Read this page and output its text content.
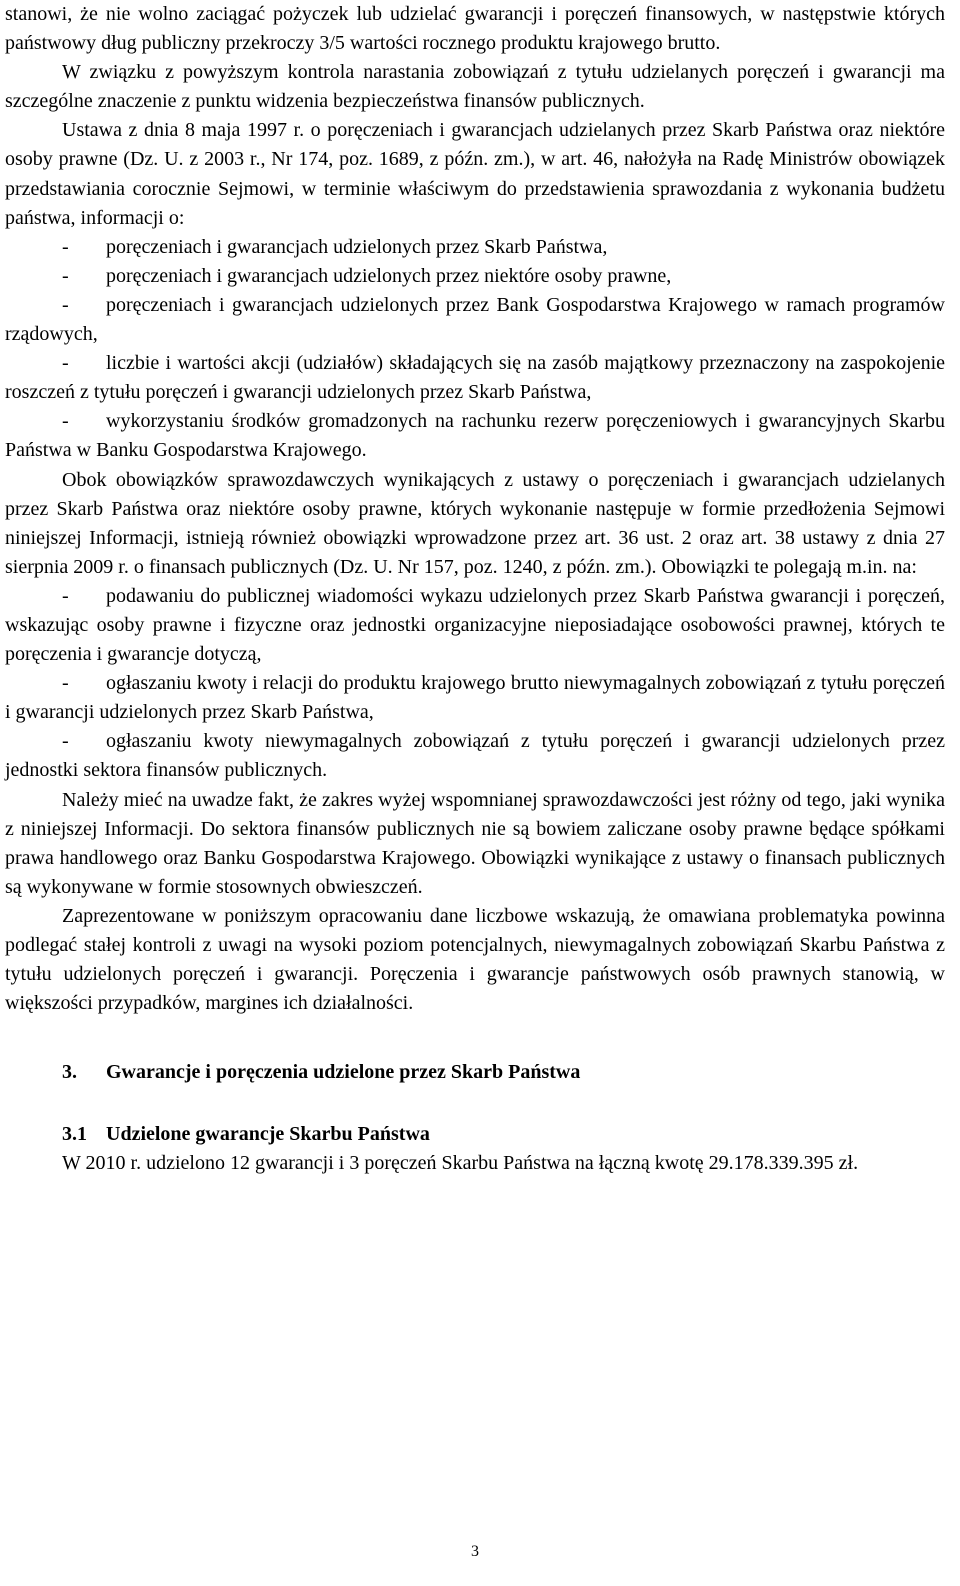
stanowi, że nie wolno zaciągać pożyczek lub udzielać gwarancji i poręczeń finansowych, w następstwie których państwowy dług publiczny przekroczy 3/5 wartości rocznego produktu krajowego brutto.

W związku z powyższym kontrola narastania zobowiązań z tytułu udzielanych poręczeń i gwarancji ma szczególne znaczenie z punktu widzenia bezpieczeństwa finansów publicznych.

Ustawa z dnia 8 maja 1997 r. o poręczeniach i gwarancjach udzielanych przez Skarb Państwa oraz niektóre osoby prawne (Dz. U. z 2003 r., Nr 174, poz. 1689, z późn. zm.), w art. 46, nałożyła na Radę Ministrów obowiązek przedstawiania corocznie Sejmowi, w terminie właściwym do przedstawienia sprawozdania z wykonania budżetu państwa, informacji o:

- poręczeniach i gwarancjach udzielonych przez Skarb Państwa,

- poręczeniach i gwarancjach udzielonych przez niektóre osoby prawne,

- poręczeniach i gwarancjach udzielonych przez Bank Gospodarstwa Krajowego w ramach programów rządowych,

- liczbie i wartości akcji (udziałów) składających się na zasób majątkowy przeznaczony na zaspokojenie roszczeń z tytułu poręczeń i gwarancji udzielonych przez Skarb Państwa,

- wykorzystaniu środków gromadzonych na rachunku rezerw poręczeniowych i gwarancyjnych Skarbu Państwa w Banku Gospodarstwa Krajowego.

Obok obowiązków sprawozdawczych wynikających z ustawy o poręczeniach i gwarancjach udzielanych przez Skarb Państwa oraz niektóre osoby prawne, których wykonanie następuje w formie przedłożenia Sejmowi niniejszej Informacji, istnieją również obowiązki wprowadzone przez art. 36 ust. 2 oraz art. 38 ustawy z dnia 27 sierpnia 2009 r. o finansach publicznych (Dz. U. Nr 157, poz. 1240, z późn. zm.). Obowiązki te polegają m.in. na:

- podawaniu do publicznej wiadomości wykazu udzielonych przez Skarb Państwa gwarancji i poręczeń, wskazując osoby prawne i fizyczne oraz jednostki organizacyjne nieposiadające osobowości prawnej, których te poręczenia i gwarancje dotyczą,

- ogłaszaniu kwoty i relacji do produktu krajowego brutto niewymagalnych zobowiązań z tytułu poręczeń i gwarancji udzielonych przez Skarb Państwa,

- ogłaszaniu kwoty niewymagalnych zobowiązań z tytułu poręczeń i gwarancji udzielonych przez jednostki sektora finansów publicznych.

Należy mieć na uwadze fakt, że zakres wyżej wspomnianej sprawozdawczości jest różny od tego, jaki wynika z niniejszej Informacji. Do sektora finansów publicznych nie są bowiem zaliczane osoby prawne będące spółkami prawa handlowego oraz Banku Gospodarstwa Krajowego. Obowiązki wynikające z ustawy o finansach publicznych są wykonywane w formie stosownych obwieszczeń.

Zaprezentowane w poniższym opracowaniu dane liczbowe wskazują, że omawiana problematyka powinna podlegać stałej kontroli z uwagi na wysoki poziom potencjalnych, niewymagalnych zobowiązań Skarbu Państwa z tytułu udzielonych poręczeń i gwarancji. Poręczenia i gwarancje państwowych osób prawnych stanowią, w większości przypadków, margines ich działalności.

3. Gwarancje i poręczenia udzielone przez Skarb Państwa
3.1 Udzielone gwarancje Skarbu Państwa

W 2010 r. udzielono 12 gwarancji i 3 poręczeń Skarbu Państwa na łączną kwotę 29.178.339.395 zł.

3
